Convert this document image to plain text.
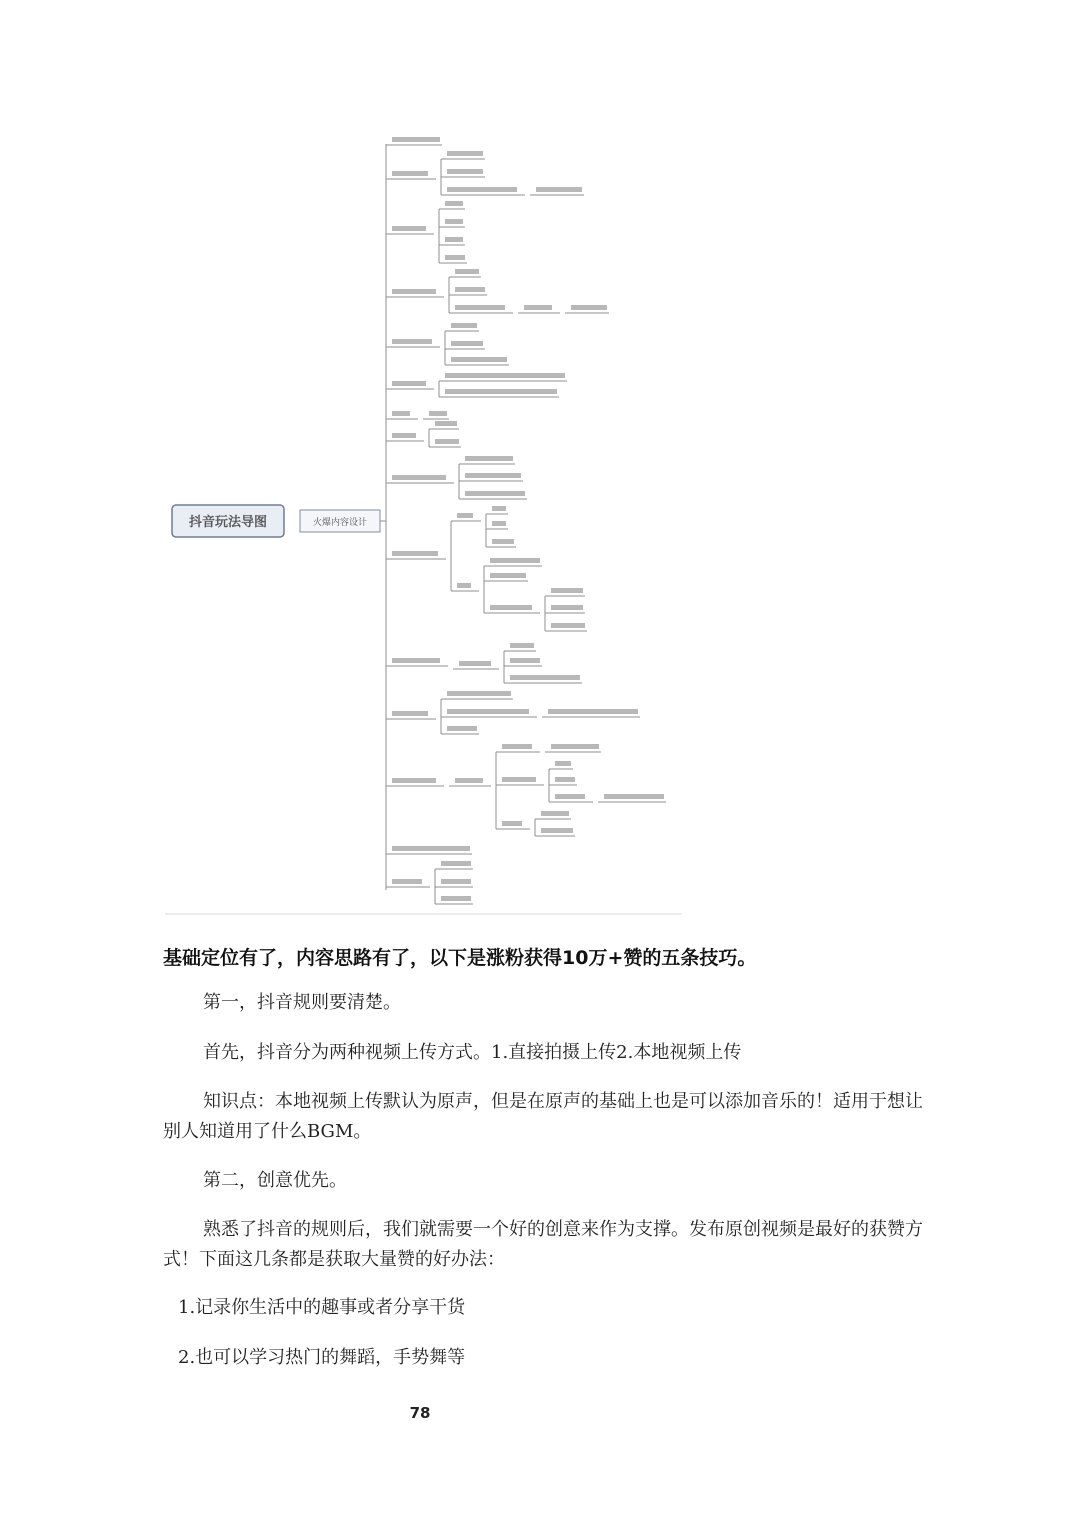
抖音玩法导图	火爆内容设计
基础定位有了，内容思路有了，以下是涨粉获得10万+赞的五条技巧。

第一，抖音规则要清楚。

首先，抖音分为两种视频上传方式。1.直接拍摄上传2.本地视频上传

知识点：本地视频上传默认为原声，但是在原声的基础上也是可以添加音乐的！适用于想让别人知道用了什么BGM。

第二，创意优先。

熟悉了抖音的规则后，我们就需要一个好的创意来作为支撑。发布原创视频是最好的获赞方式！下面这几条都是获取大量赞的好办法：

1.记录你生活中的趣事或者分享干货

2.也可以学习热门的舞蹈，手势舞等

78
